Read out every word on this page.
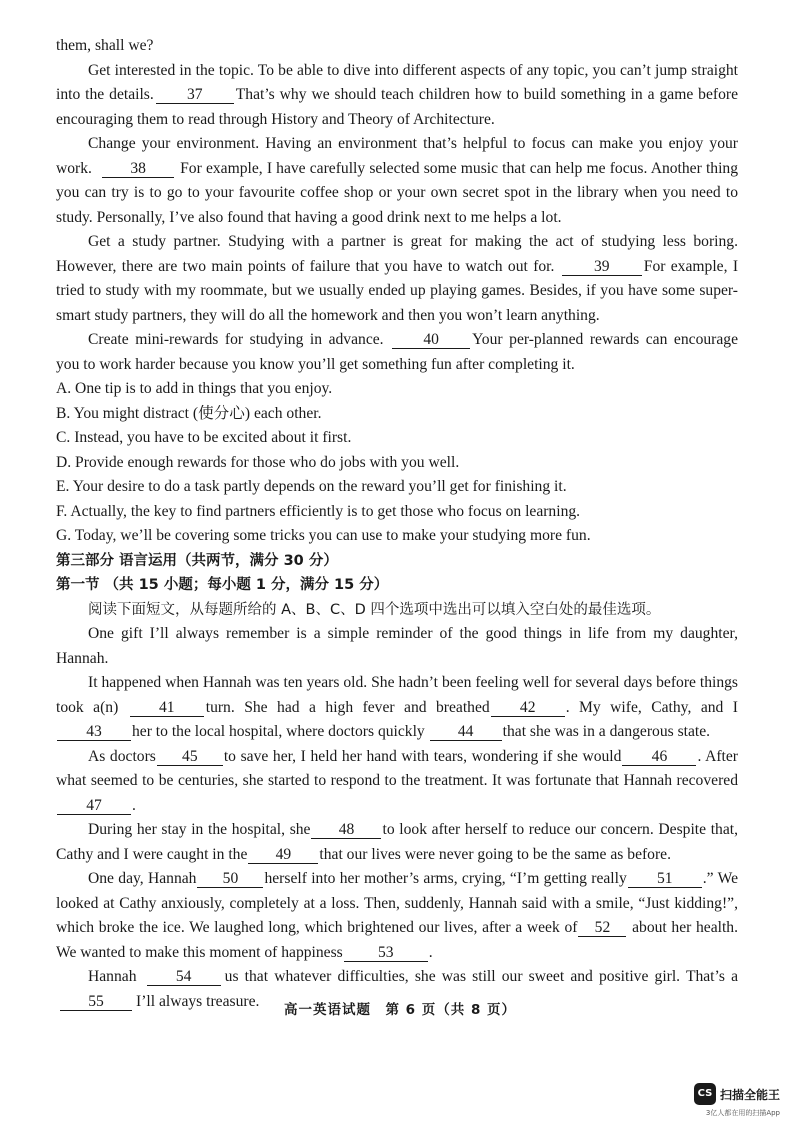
them, shall we?

Get interested in the topic. To be able to dive into different aspects of any topic, you can’t jump straight into the details. 37 That’s why we should teach children how to build something in a game before encouraging them to read through History and Theory of Architecture.

Change your environment. Having an environment that’s helpful to focus can make you enjoy your work. 38 For example, I have carefully selected some music that can help me focus. Another thing you can try is to go to your favourite coffee shop or your own secret spot in the library when you need to study. Personally, I’ve also found that having a good drink next to me helps a lot.

Get a study partner. Studying with a partner is great for making the act of studying less boring. However, there are two main points of failure that you have to watch out for.	39 For example, I tried to study with my roommate, but we usually ended up playing games. Besides, if you have some super-smart study partners, they will do all the homework and then you won’t learn anything.

Create mini-rewards for studying in advance.	40 Your per-planned rewards can encourage you to work harder because you know you’ll get something fun after completing it.

A. One tip is to add in things that you enjoy.

B. You might distract (使分心) each other.

C. Instead, you have to be excited about it first.

D. Provide enough rewards for those who do jobs with you well.

E. Your desire to do a task partly depends on the reward you’ll get for finishing it.

F. Actually, the key to find partners efficiently is to get those who focus on learning.

G. Today, we’ll be covering some tricks you can use to make your studying more fun.

第三部分 语言运用（共两节，满分 30 分）

第一节 （共 15 小题；每小题 1 分，满分 15 分）

阅读下面短文，从每题所给的 A、B、C、D 四个选项中选出可以填入空白处的最佳选项。

One gift I’ll always remember is a simple reminder of the good things in life from my daughter, Hannah.

It happened when Hannah was ten years old. She hadn’t been feeling well for several days before things took a(n)	41 turn. She had a high fever and breathed 42 . My wife, Cathy, and I 43 her to the local hospital, where doctors quickly 44 that she was in a dangerous state.

As doctors 45 to save her, I held her hand with tears, wondering if she would 46 . After what seemed to be centuries, she started to respond to the treatment. It was fortunate that Hannah recovered 47 .

During her stay in the hospital, she 48 to look after herself to reduce our concern. Despite that, Cathy and I were caught in the 49 that our lives were never going to be the same as before.

One day, Hannah 50 herself into her mother’s arms, crying, “I’m getting really 51 .” We looked at Cathy anxiously, completely at a loss. Then, suddenly, Hannah said with a smile, “Just kidding!”, which broke the ice. We laughed long, which brightened our lives, after a week of 52 about her health. We wanted to make this moment of happiness 53 .

Hannah	54 us that whatever difficulties, she was still our sweet and positive girl. That’s a 55 I’ll always treasure.

高一英语试题　第 6 页（共 8 页）
CS 扫描全能王
3亿人都在用的扫描App
